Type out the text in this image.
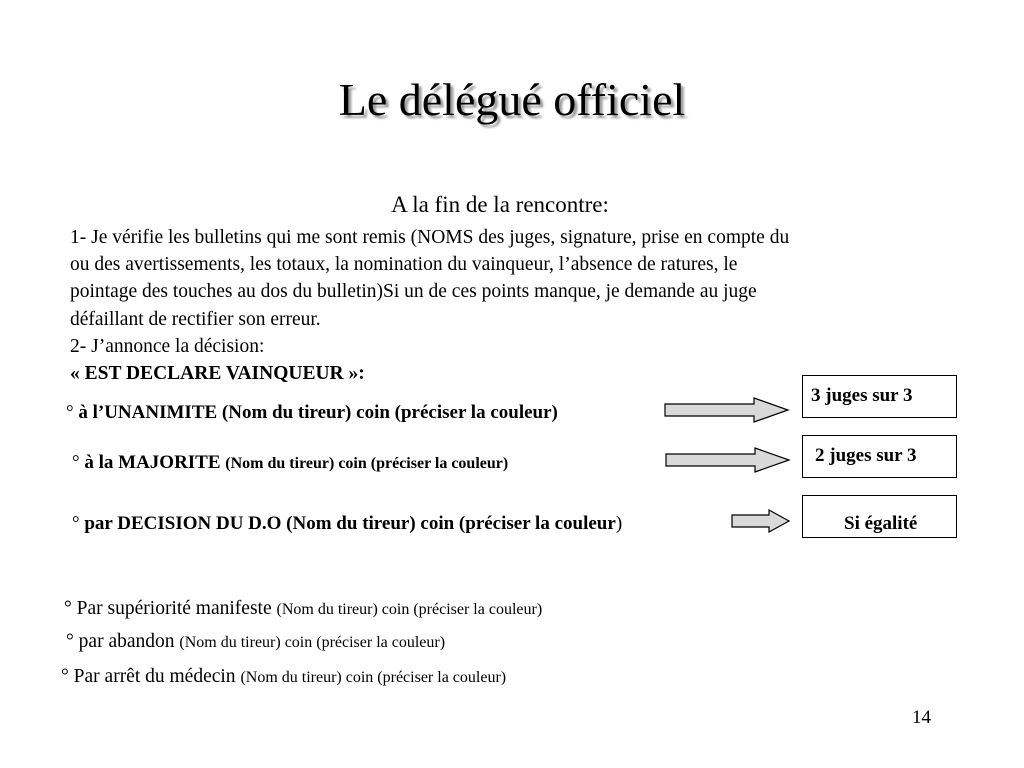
Le délégué officiel
A la fin de la rencontre:
1- Je vérifie les bulletins qui me sont remis (NOMS des juges, signature, prise en compte du
ou des avertissements, les totaux, la nomination du vainqueur, l’absence de ratures, le
pointage des touches au dos du bulletin)Si un de ces points manque, je demande au juge
défaillant de rectifier son erreur.
2- J’annonce la décision:
« EST DECLARE VAINQUEUR »:
° à l’UNANIMITE (Nom du tireur) coin (préciser la couleur)
3 juges sur 3
° à la MAJORITE (Nom du tireur) coin (préciser la couleur)	2 juges sur 3
° par DECISION DU D.O (Nom du tireur) coin (préciser la couleur)	Si égalité
° Par supériorité manifeste (Nom du tireur) coin (préciser la couleur)
° par abandon (Nom du tireur) coin (préciser la couleur)
° Par arrêt du médecin (Nom du tireur) coin (préciser la couleur)
14
